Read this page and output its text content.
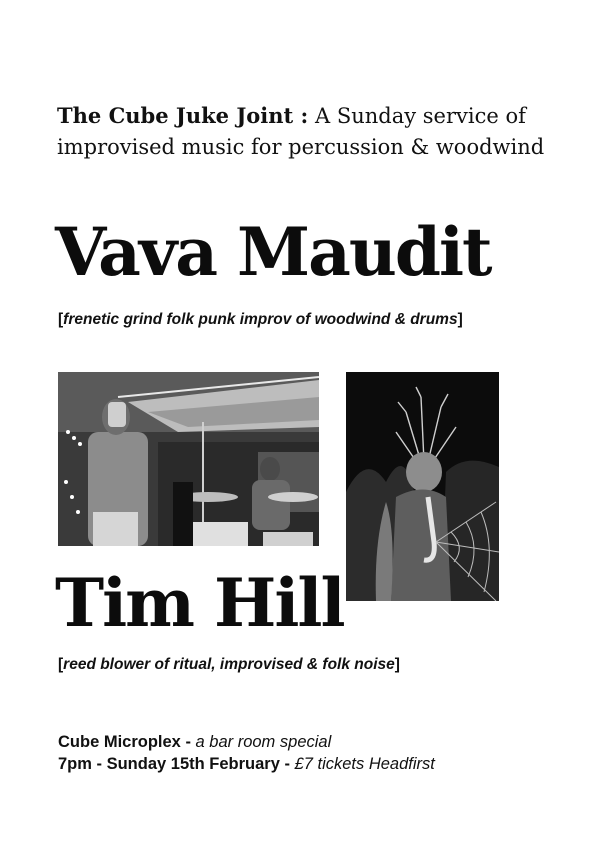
The Cube Juke Joint : A Sunday service of
improvised music for percussion & woodwind
Vava Maudit
[frenetic grind folk punk improv of woodwind & drums]
Tim Hill
[reed blower of ritual, improvised & folk noise]
Cube Microplex - a bar room special
7pm - Sunday 15th February - £7 tickets Headfirst
